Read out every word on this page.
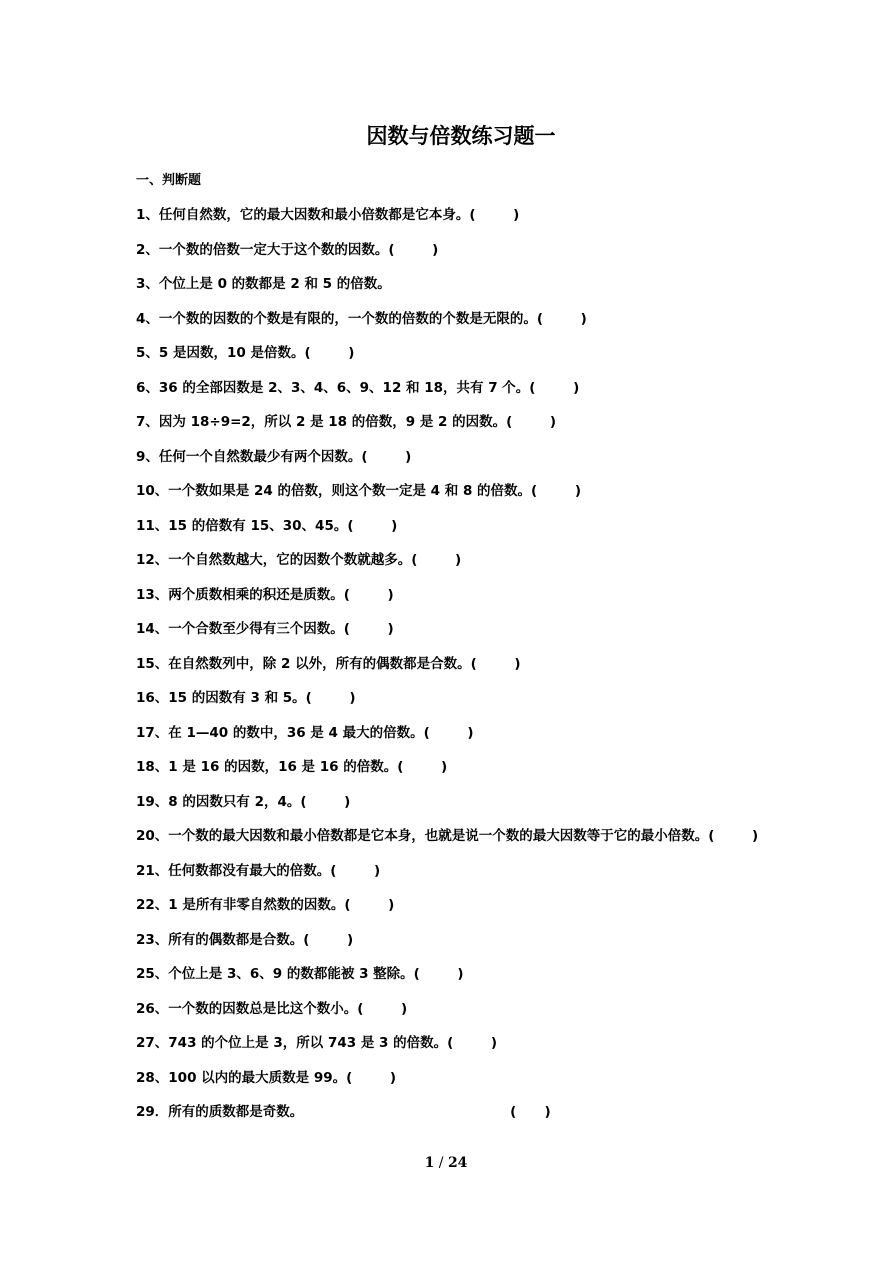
因数与倍数练习题一
一、判断题
1、任何自然数，它的最大因数和最小倍数都是它本身。(        )
2、一个数的倍数一定大于这个数的因数。(        )
3、个位上是 0 的数都是 2 和 5 的倍数。
4、一个数的因数的个数是有限的，一个数的倍数的个数是无限的。(        )
5、5 是因数，10 是倍数。(        )
6、36 的全部因数是 2、3、4、6、9、12 和 18，共有 7 个。(        )
7、因为 18÷9=2，所以 2 是 18 的倍数，9 是 2 的因数。(        )
9、任何一个自然数最少有两个因数。(        )
10、一个数如果是 24 的倍数，则这个数一定是 4 和 8 的倍数。(        )
11、15 的倍数有 15、30、45。(        )
12、一个自然数越大，它的因数个数就越多。(        )
13、两个质数相乘的积还是质数。(        )
14、一个合数至少得有三个因数。(        )
15、在自然数列中，除 2 以外，所有的偶数都是合数。(        )
16、15 的因数有 3 和 5。(        )
17、在 1—40 的数中，36 是 4 最大的倍数。(        )
18、1 是 16 的因数，16 是 16 的倍数。(        )
19、8 的因数只有 2，4。(        )
20、一个数的最大因数和最小倍数都是它本身，也就是说一个数的最大因数等于它的最小倍数。(        )
21、任何数都没有最大的倍数。(        )
22、1 是所有非零自然数的因数。(        )
23、所有的偶数都是合数。(        )
25、个位上是 3、6、9 的数都能被 3 整除。(        )
26、一个数的因数总是比这个数小。(        )
27、743 的个位上是 3，所以 743 是 3 的倍数。(        )
28、100 以内的最大质数是 99。(        )
29．所有的质数都是奇数。                                            (      )
1 / 24
